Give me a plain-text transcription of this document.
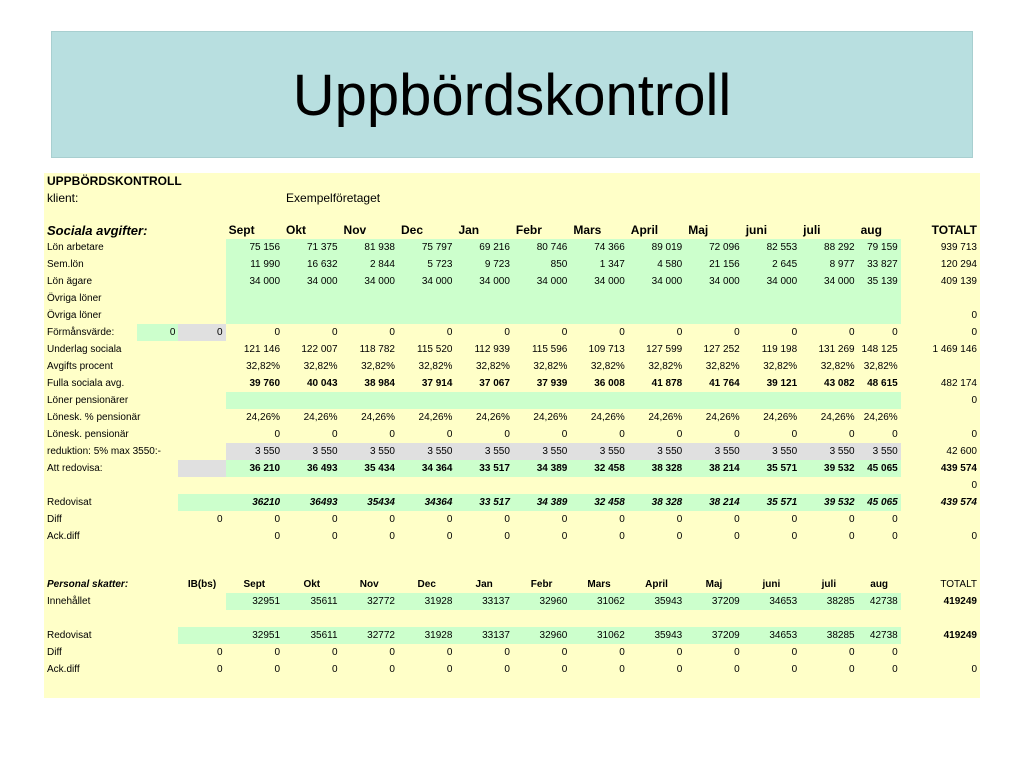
Uppbördskontroll
UPPBÖRDSKONTROLL															
klient:				Exempelföretaget											

Sociala avgifter:			Sept	Okt	Nov	Dec	Jan	Febr	Mars	April	Maj	juni	juli	aug	TOTALT
Lön arbetare			75 156	71 375	81 938	75 797	69 216	80 746	74 366	89 019	72 096	82 553	88 292	79 159	939 713
Sem.lön			11 990	16 632	2 844	5 723	9 723	850	1 347	4 580	21 156	2 645	8 977	33 827	120 294
Lön ägare			34 000	34 000	34 000	34 000	34 000	34 000	34 000	34 000	34 000	34 000	34 000	35 139	409 139
Övriga löner															
Övriga löner															0
Förmånsvärde:	0	0	0	0	0	0	0	0	0	0	0	0	0	0	0
Underlag sociala			121 146	122 007	118 782	115 520	112 939	115 596	109 713	127 599	127 252	119 198	131 269	148 125	1 469 146
Avgifts procent			32,82%	32,82%	32,82%	32,82%	32,82%	32,82%	32,82%	32,82%	32,82%	32,82%	32,82%	32,82%	
Fulla sociala avg.			39 760	40 043	38 984	37 914	37 067	37 939	36 008	41 878	41 764	39 121	43 082	48 615	482 174
Löner pensionärer															0
Lönesk. % pensionär			24,26%	24,26%	24,26%	24,26%	24,26%	24,26%	24,26%	24,26%	24,26%	24,26%	24,26%	24,26%	
Lönesk. pensionär			0	0	0	0	0	0	0	0	0	0	0	0	0
reduktion: 5% max 3550:-			3 550	3 550	3 550	3 550	3 550	3 550	3 550	3 550	3 550	3 550	3 550	3 550	42 600
Att redovisa:			36 210	36 493	35 434	34 364	33 517	34 389	32 458	38 328	38 214	35 571	39 532	45 065	439 574
															0
Redovisat			36210	36493	35434	34364	33 517	34 389	32 458	38 328	38 214	35 571	39 532	45 065	439 574
Diff		0	0	0	0	0	0	0	0	0	0	0	0	0	
Ack.diff			0	0	0	0	0	0	0	0	0	0	0	0	0

Personal skatter:		IB(bs)	Sept	Okt	Nov	Dec	Jan	Febr	Mars	April	Maj	juni	juli	aug	TOTALT
Innehållet			32951	35611	32772	31928	33137	32960	31062	35943	37209	34653	38285	42738	419249

Redovisat			32951	35611	32772	31928	33137	32960	31062	35943	37209	34653	38285	42738	419249
Diff		0	0	0	0	0	0	0	0	0	0	0	0	0	
Ack.diff		0	0	0	0	0	0	0	0	0	0	0	0	0	0
